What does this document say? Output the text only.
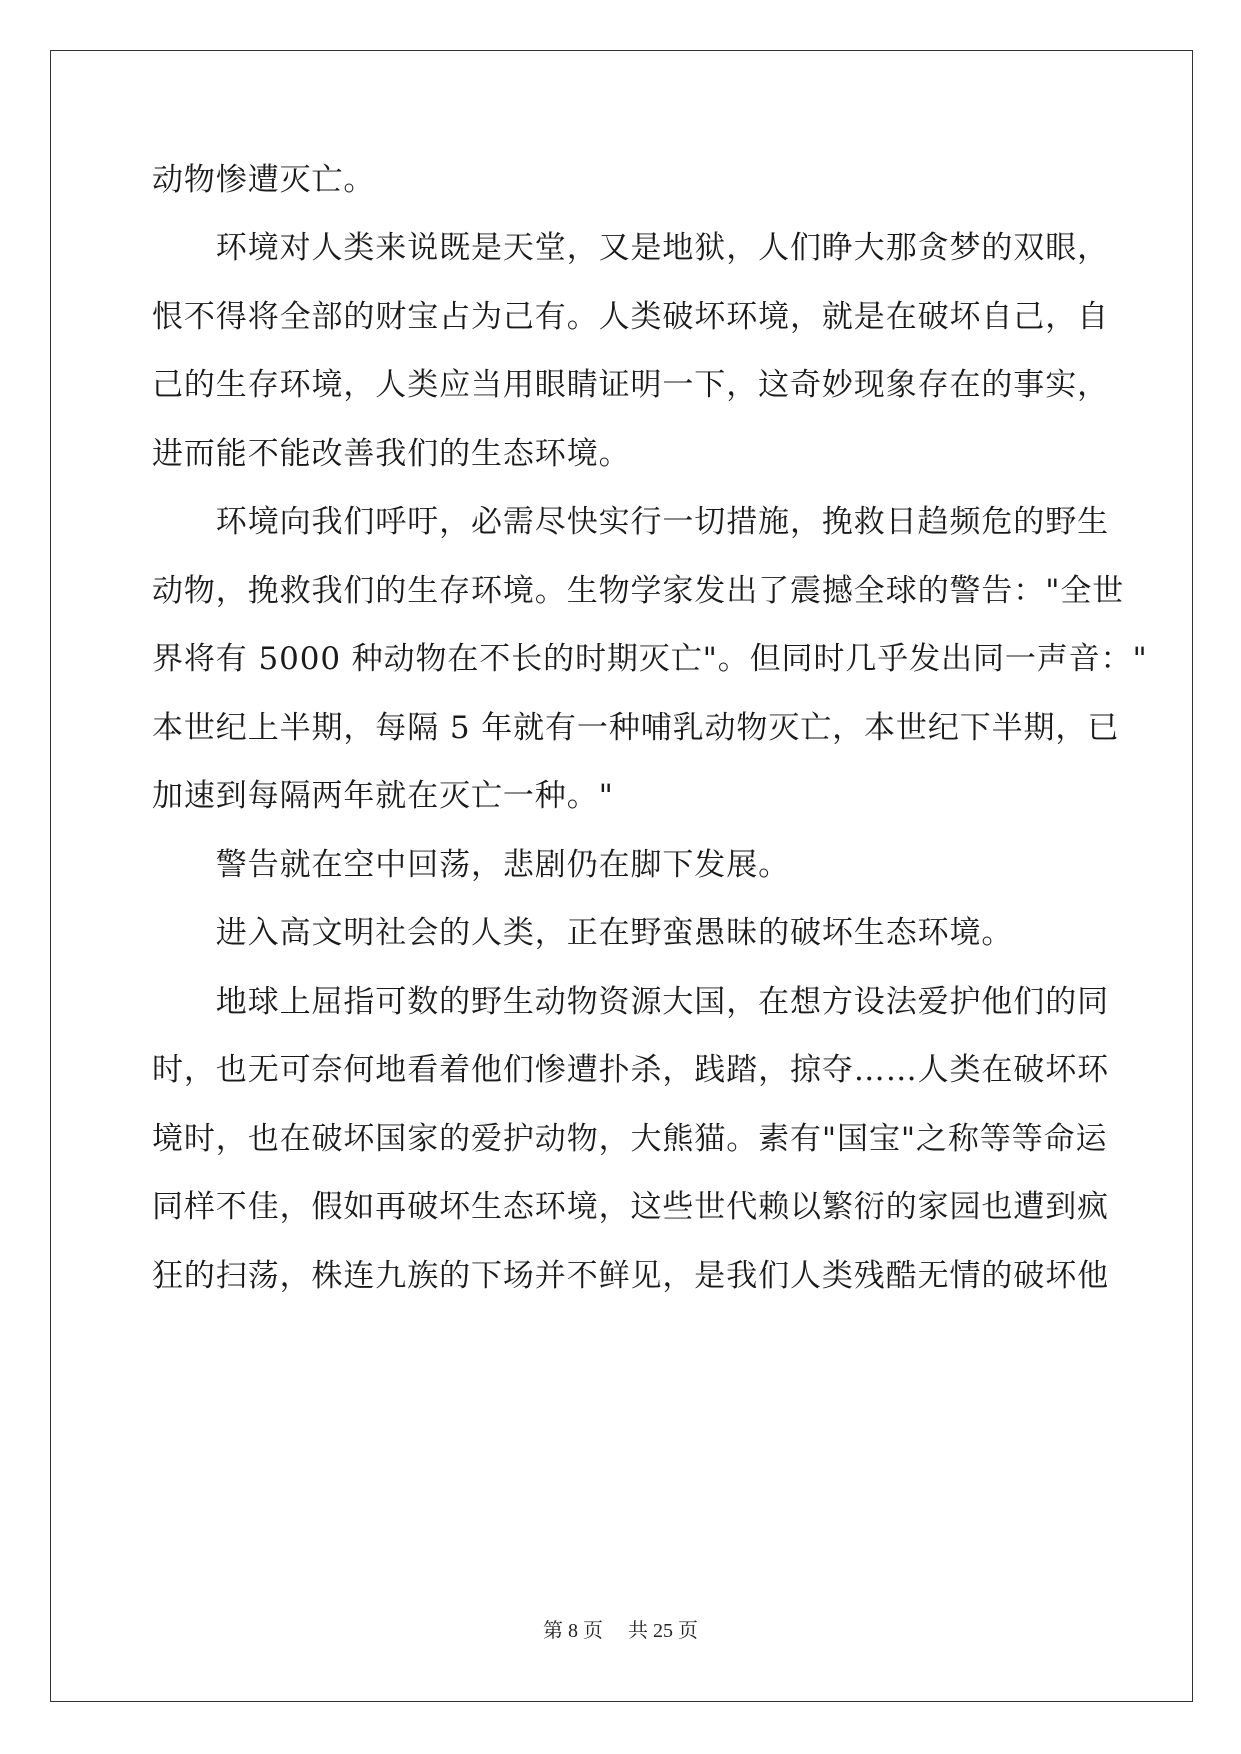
动物惨遭灭亡。
　　环境对人类来说既是天堂，又是地狱，人们睁大那贪梦的双眼，
恨不得将全部的财宝占为己有。人类破坏环境，就是在破坏自己，自
己的生存环境，人类应当用眼睛证明一下，这奇妙现象存在的事实，
进而能不能改善我们的生态环境。
　　环境向我们呼吁，必需尽快实行一切措施，挽救日趋频危的野生
动物，挽救我们的生存环境。生物学家发出了震撼全球的警告："全世
界将有 5000 种动物在不长的时期灭亡"。但同时几乎发出同一声音："
本世纪上半期，每隔 5 年就有一种哺乳动物灭亡，本世纪下半期，已
加速到每隔两年就在灭亡一种。"
　　警告就在空中回荡，悲剧仍在脚下发展。
　　进入高文明社会的人类，正在野蛮愚昧的破坏生态环境。
　　地球上屈指可数的野生动物资源大国，在想方设法爱护他们的同
时，也无可奈何地看着他们惨遭扑杀，践踏，掠夺……人类在破坏环
境时，也在破坏国家的爱护动物，大熊猫。素有"国宝"之称等等命运
同样不佳，假如再破坏生态环境，这些世代赖以繁衍的家园也遭到疯
狂的扫荡，株连九族的下场并不鲜见，是我们人类残酷无情的破坏他
第 8 页 共 25 页
